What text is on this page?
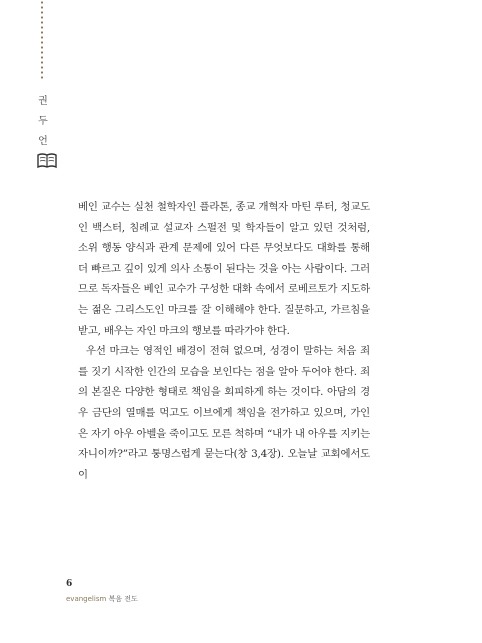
권
두
언

베인 교수는 실천 철학자인 플라톤, 종교 개혁자 마틴 루터, 청교도인 백스터, 침례교 설교자 스펄전 및 학자들이 알고 있던 것처럼, 소위 행동 양식과 관계 문제에 있어 다른 무엇보다도 대화를 통해 더 빠르고 깊이 있게 의사 소통이 된다는 것을 아는 사람이다. 그러므로 독자들은 베인 교수가 구성한 대화 속에서 로베르토가 지도하는 젊은 그리스도인 마크를 잘 이해해야 한다. 질문하고, 가르침을 받고, 배우는 자인 마크의 행보를 따라가야 한다.

우선 마크는 영적인 배경이 전혀 없으며, 성경이 말하는 처음 죄를 짓기 시작한 인간의 모습을 보인다는 점을 알아 두어야 한다. 죄의 본질은 다양한 형태로 책임을 회피하게 하는 것이다. 아담의 경우 금단의 열매를 먹고도 이브에게 책임을 전가하고 있으며, 가인은 자기 아우 아벨을 죽이고도 모른 척하며 “내가 내 아우를 지키는 자니이까?”라고 퉁명스럽게 묻는다(창 3,4장). 오늘날 교회에서도 이

6
evangelism 복음 전도
